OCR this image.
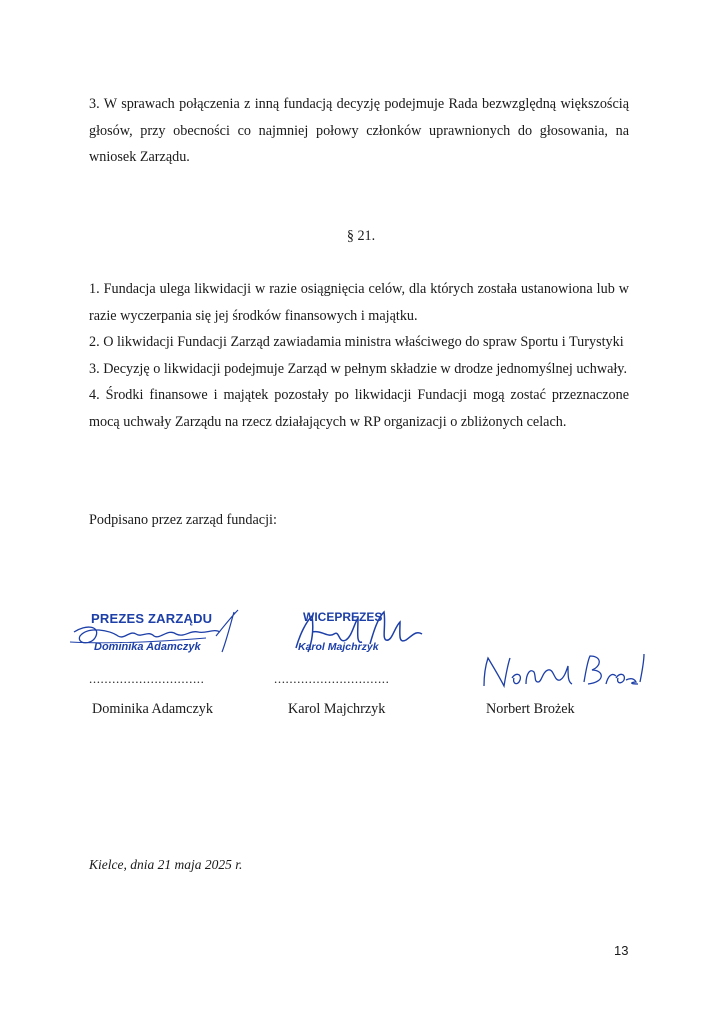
3. W sprawach połączenia z inną fundacją decyzję podejmuje Rada bezwzględną większością głosów, przy obecności co najmniej połowy członków uprawnionych do głosowania, na wniosek Zarządu.

§ 21.

1. Fundacja ulega likwidacji w razie osiągnięcia celów, dla których została ustanowiona lub w razie wyczerpania się jej środków finansowych i majątku.

2. O likwidacji Fundacji Zarząd zawiadamia ministra właściwego do spraw Sportu i Turystyki

3. Decyzję o likwidacji podejmuje Zarząd w pełnym składzie w drodze jednomyślnej uchwały.

4. Środki finansowe i majątek pozostały po likwidacji Fundacji mogą zostać przeznaczone mocą uchwały Zarządu na rzecz działających w RP organizacji o zbliżonych celach.

Podpisano przez zarząd fundacji:
PREZES ZARZĄDU
Dominika Adamczyk
WICEPREZES
Karol Majchrzyk
..............................	..............................
Dominika Adamczyk	Karol Majchrzyk	Norbert Brożek
Kielce, dnia 21 maja 2025 r.
13
